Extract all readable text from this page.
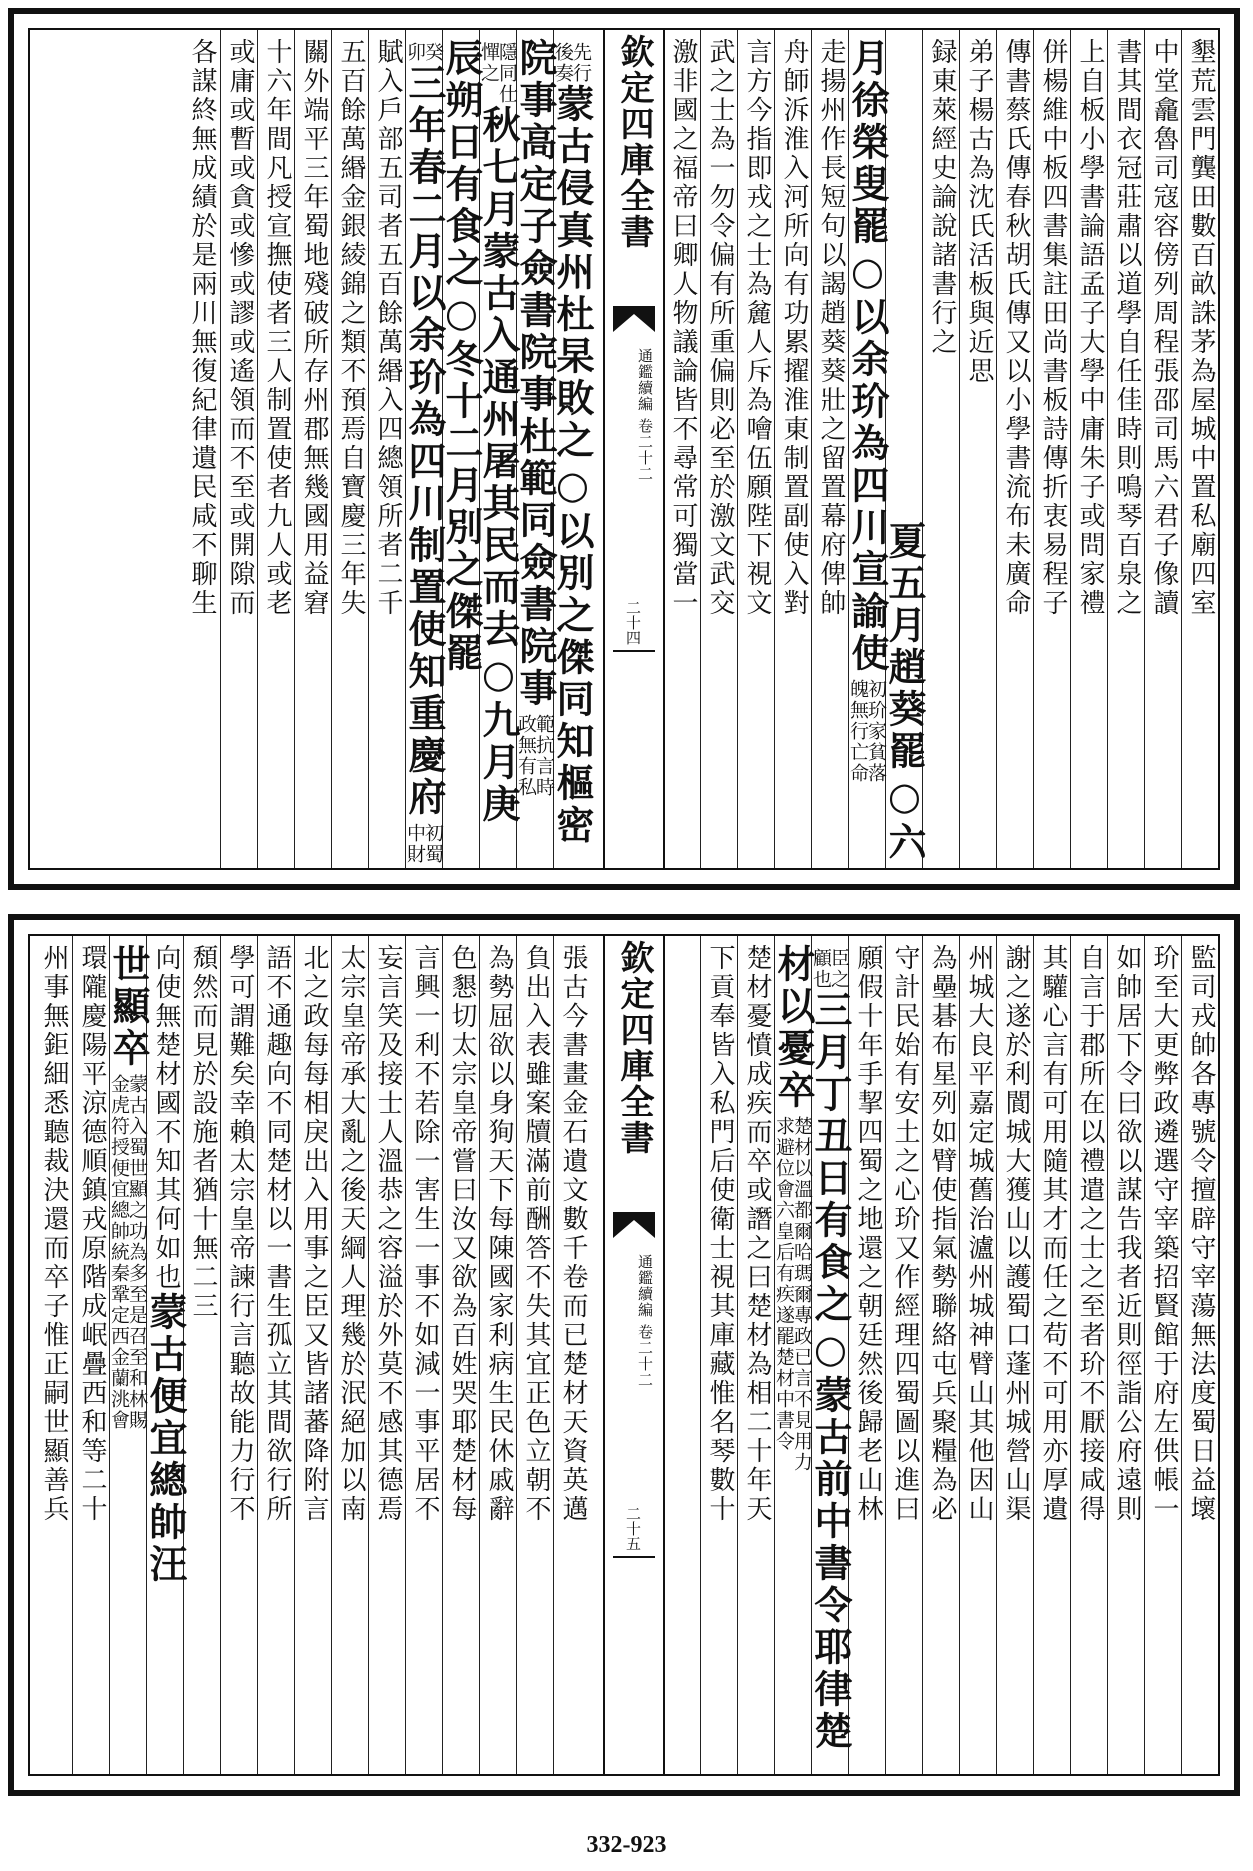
墾荒雲門龔田數百畝誅茅為屋城中置私廟四室
中堂龕魯司寇容傍列周程張邵司馬六君子像讀
書其間衣冠莊肅以道學自任佳時則鳴琴百泉之
上自板小學書論語孟子大學中庸朱子或問家禮
併楊維中板四書集註田尚書板詩傳折衷易程子
傳書蔡氏傳春秋胡氏傳又以小學書流布未廣命
弟子楊古為沈氏活板與近思
録東萊經史論說諸書行之
夏五月趙葵罷○六
月徐榮叟罷○以余玠為四川宣諭使
初玠家貧落
魄無行亡命
走揚州作長短句以謁趙葵葵壯之留置幕府俾帥
舟師泝淮入河所向有功累擢淮東制置副使入對
言方今指即戎之士為麄人斥為噲伍願陛下視文
武之士為一勿令偏有所重偏則必至於激文武交
激非國之福帝曰卿人物議論皆不尋常可獨當一
欽定四庫全書
通鑑續編 卷二十二
二十四
先行
後奏
蒙古侵真州杜杲敗之○以別之傑同知樞密
院事高定子僉書院事杜範同僉書院事
範抗言時
政無有私
隱同仕
憚之
秋七月蒙古入通州屠其民而去○九月庚
辰朔日有食之○冬十二月別之傑罷
癸
卯
三年春二月以余玠為四川制置使知重慶府
初蜀
中財
賦入戶部五司者五百餘萬緡入四總領所者二千
五百餘萬緡金銀綾錦之類不預焉自寶慶三年失
關外端平三年蜀地殘破所存州郡無幾國用益窘
十六年間凡授宣撫使者三人制置使者九人或老
或庸或暫或貪或慘或謬或遙領而不至或開隙而
各謀終無成績於是兩川無復紀律遺民咸不聊生
監司戎帥各專號令擅辟守宰蕩無法度蜀日益壞
玠至大更弊政遴選守宰築招賢館于府左供帳一
如帥居下令曰欲以謀告我者近則徑詣公府遠則
自言于郡所在以禮遣之士之至者玠不厭接咸得
其驩心言有可用隨其才而任之苟不可用亦厚遺
謝之遂於利閬城大獲山以護蜀口蓬州城營山渠
州城大良平嘉定城舊治瀘州城神臂山其他因山
為壘碁布星列如臂使指氣勢聯絡屯兵聚糧為必
守計民始有安土之心玠又作經理四蜀圖以進曰
願假十年手挈四蜀之地還之朝廷然後歸老山林
臣之
顧也
三月丁丑日有食之○蒙古前中書令耶律楚
材以憂卒
楚材以溫都爾哈瑪爾專政已言不見用力
求避位會六皇后有疾遂罷楚材中書令
楚材憂憤成疾而卒或譖之曰楚材為相二十年天
下貢奉皆入私門后使衛士視其庫藏惟名琴數十
欽定四庫全書
通鑑續編 卷二十二
二十五
張古今書畫金石遺文數千卷而已楚材天資英邁
負出入表雖案牘滿前酬答不失其宜正色立朝不
為勢屈欲以身狥天下每陳國家利病生民休戚辭
色懇切太宗皇帝嘗曰汝又欲為百姓哭耶楚材每
言興一利不若除一害生一事不如減一事平居不
妄言笑及接士人溫恭之容溢於外莫不感其德焉
太宗皇帝承大亂之後天綱人理幾於泯絕加以南
北之政每每相戾出入用事之臣又皆諸蕃降附言
語不通趣向不同楚材以一書生孤立其間欲行所
學可謂難矣幸賴太宗皇帝諫行言聽故能力行不
頹然而見於設施者猶十無二三
向使無楚材國不知其何如也
蒙古便宜總帥汪
世顯卒
蒙古入蜀世顯之功為多至是召至和林賜
金虎符授便宜總帥統秦鞏定西金蘭洮會
環隴慶陽平涼德順鎮戎原階成岷疊西和等二十
州事無鉅細悉聽裁決還而卒子惟正嗣世顯善兵
332-923
